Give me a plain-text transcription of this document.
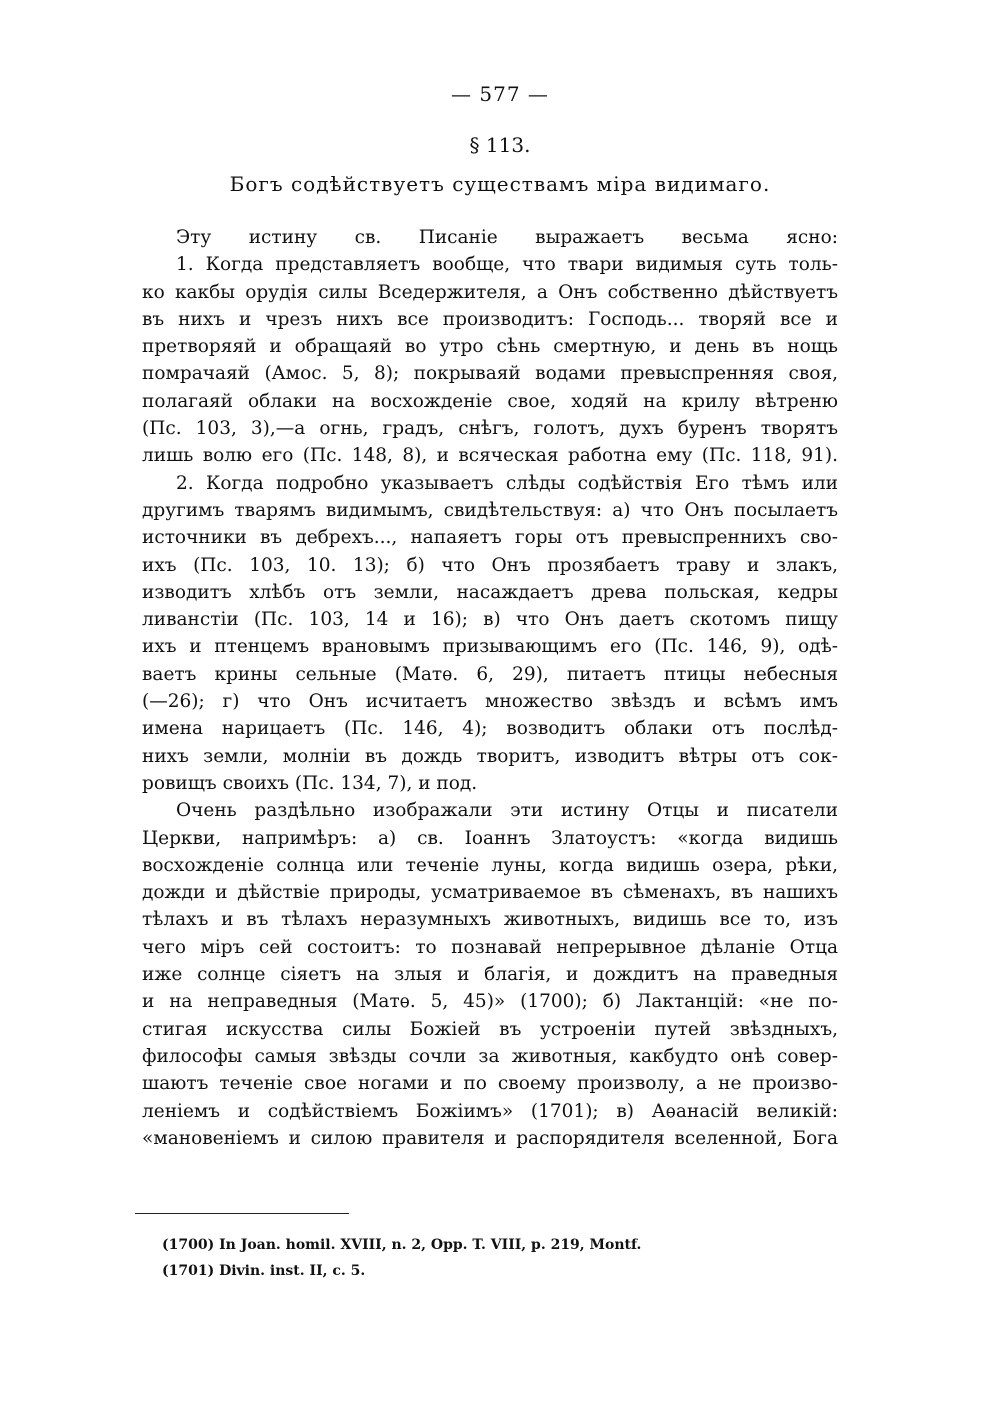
— 577 —
§ 113.
Богъ содѣйствуетъ существамъ міра видимаго.
Эту истину св. Писаніе выражаетъ весьма ясно:
1. Когда представляетъ вообще, что твари видимыя суть толь-
ко какбы орудія силы Вседержителя, а Онъ собственно дѣйствуетъ
въ нихъ и чрезъ нихъ все производитъ: Господь... творяй все и
претворяяй и обращаяй во утро сѣнь смертную, и день въ нощь
помрачаяй (Амос. 5, 8); покрываяй водами превыспренняя своя,
полагаяй облаки на восхожденіе свое, ходяй на крилу вѣтреню
(Пс. 103, 3),—а огнь, градъ, снѣгъ, голотъ, духъ буренъ творятъ
лишь волю его (Пс. 148, 8), и всяческая работна ему (Пс. 118, 91).
2. Когда подробно указываетъ слѣды содѣйствія Его тѣмъ или
другимъ тварямъ видимымъ, свидѣтельствуя: а) что Онъ посылаетъ
источники въ дебрехъ..., напаяетъ горы отъ превыспреннихъ сво-
ихъ (Пс. 103, 10. 13); б) что Онъ прозябаетъ траву и злакъ,
изводитъ хлѣбъ отъ земли, насаждаетъ древа польская, кедры
ливанстіи (Пс. 103, 14 и 16); в) что Онъ даетъ скотомъ пищу
ихъ и птенцемъ врановымъ призывающимъ его (Пс. 146, 9), одѣ-
ваетъ крины сельные (Матѳ. 6, 29), питаетъ птицы небесныя
(—26); г) что Онъ исчитаетъ множество звѣздъ и всѣмъ имъ
имена нарицаетъ (Пс. 146, 4); возводитъ облаки отъ послѣд-
нихъ земли, молніи въ дождь творитъ, изводитъ вѣтры отъ сок-
ровищъ своихъ (Пс. 134, 7), и под.
Очень раздѣльно изображали эти истину Отцы и писатели
Церкви, напримѣръ: а) св. Іоаннъ Златоустъ: «когда видишь
восхожденіе солнца или теченіе луны, когда видишь озера, рѣки,
дожди и дѣйствіе природы, усматриваемое въ сѣменахъ, въ нашихъ
тѣлахъ и въ тѣлахъ неразумныхъ животныхъ, видишь все то, изъ
чего міръ сей состоитъ: то познавай непрерывное дѣланіе Отца
иже солнце сіяетъ на злыя и благія, и дождитъ на праведныя
и на неправедныя (Матѳ. 5, 45)» (1700); б) Лактанцій: «не по-
стигая искусства силы Божіей въ устроеніи путей звѣздныхъ,
философы самыя звѣзды сочли за животныя, какбудто онѣ совер-
шаютъ теченіе свое ногами и по своему произволу, а не произво-
леніемъ и содѣйствіемъ Божіимъ» (1701); в) Аѳанасій великій:
«мановеніемъ и силою правителя и распорядителя вселенной, Бога
(1700) In Joan. homil. XVIII, n. 2, Opp. T. VIII, p. 219, Montf.
(1701) Divin. inst. II, c. 5.
